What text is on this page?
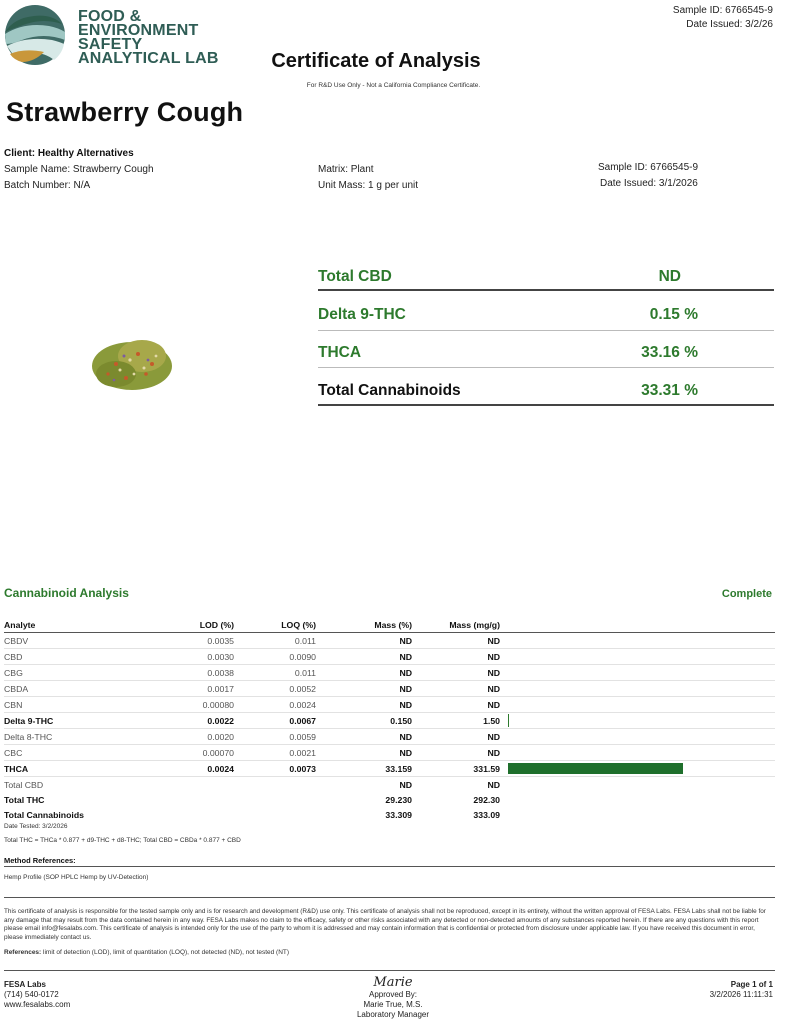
FOOD &
ENVIRONMENT
SAFETY
ANALYTICAL LAB
Sample ID: 6766545-9
Date Issued: 3/2/26
Certificate of Analysis
For R&D Use Only - Not a California Compliance Certificate.
Strawberry Cough
Client: Healthy Alternatives
Sample Name: Strawberry Cough
Batch Number: N/A
Matrix: Plant
Unit Mass: 1 g per unit
Sample ID: 6766545-9
Date Issued: 3/1/2026
Total CBD	ND
Delta 9-THC	0.15 %
THCA	33.16 %
Total Cannabinoids	33.31 %
Cannabinoid Analysis	Complete
Analyte	LOD (%)	LOQ (%)	Mass (%)	Mass (mg/g)	
CBDV	0.0035	0.011	ND	ND	
CBD	0.0030	0.0090	ND	ND	
CBG	0.0038	0.011	ND	ND	
CBDA	0.0017	0.0052	ND	ND	
CBN	0.00080	0.0024	ND	ND	
Delta 9-THC	0.0022	0.0067	0.150	1.50	
Delta 8-THC	0.0020	0.0059	ND	ND	
CBC	0.00070	0.0021	ND	ND	
THCA	0.0024	0.0073	33.159	331.59	
Total CBD			ND	ND	
Total THC			29.230	292.30	
Total Cannabinoids			33.309	333.09	
Date Tested: 3/2/2026
Total THC = THCa * 0.877 + d9-THC + d8-THC; Total CBD = CBDa * 0.877 + CBD
Method References:
Hemp Profile (SOP HPLC Hemp by UV-Detection)
This certificate of analysis is responsible for the tested sample only and is for research and development (R&D) use only. This certificate of analysis shall not be reproduced, except in its entirety, without the written approval of FESA Labs. FESA Labs shall not be liable for any damage that may result from the data contained herein in any way. FESA Labs makes no claim to the efficacy, safety or other risks associated with any detected or non-detected amounts of any substances reported herein. If there are any questions with this report please email info@fesalabs.com. This certificate of analysis is intended only for the use of the party to whom it is addressed and may contain information that is confidential or protected from disclosure under applicable law. If you have received this document in error, please immediately contact us.
References: limit of detection (LOD), limit of quantitation (LOQ), not detected (ND), not tested (NT)
FESA Labs
(714) 540-0172
www.fesalabs.com
Marie
Approved By:
Marie True, M.S.
Laboratory Manager
Page 1 of 1
3/2/2026 11:11:31
